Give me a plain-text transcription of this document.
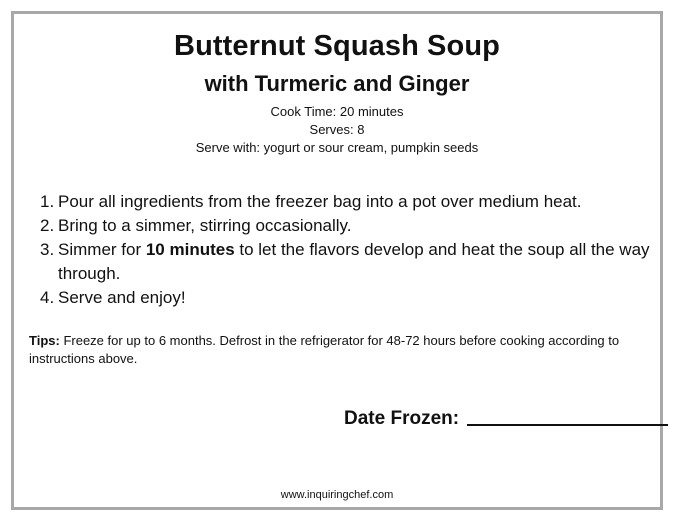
Butternut Squash Soup
with Turmeric and Ginger
Cook Time: 20 minutes
Serves: 8
Serve with: yogurt or sour cream, pumpkin seeds
1. Pour all ingredients from the freezer bag into a pot over medium heat.
2. Bring to a simmer, stirring occasionally.
3. Simmer for 10 minutes to let the flavors develop and heat the soup all the way through.
4. Serve and enjoy!
Tips: Freeze for up to 6 months. Defrost in the refrigerator for 48-72 hours before cooking according to instructions above.
Date Frozen:
www.inquiringchef.com
